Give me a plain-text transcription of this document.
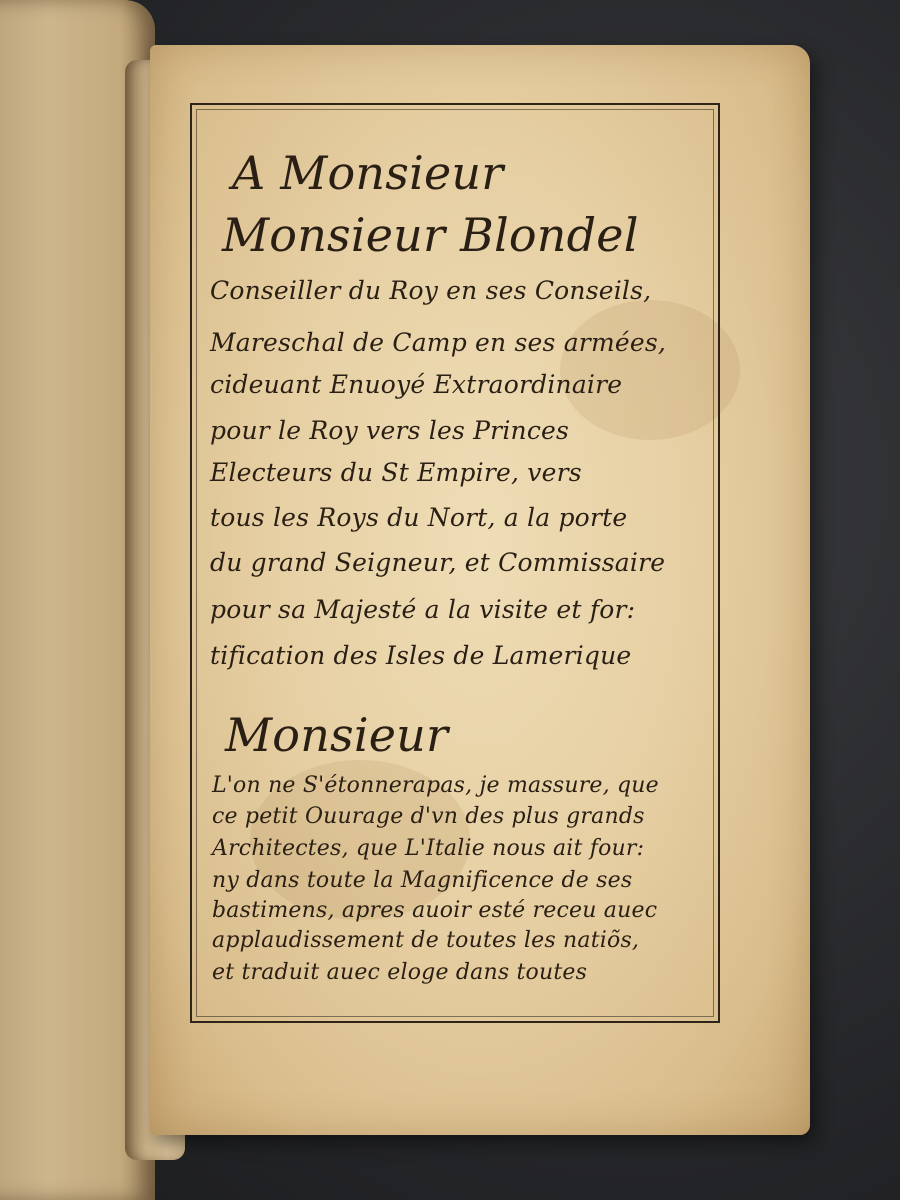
A Monsieur
Monsieur Blondel
Conseiller du Roy en ses Conseils,
Mareschal de Camp en ses armées,
cideuant Enuoyé Extraordinaire
pour le Roy vers les Princes
Electeurs du St Empire, vers
tous les Roys du Nort, a la porte
du grand Seigneur, et Commissaire
pour sa Majesté a la visite et for:
tification des Isles de Lamerique
Monsieur
L'on ne S'étonnerapas, je massure, que
ce petit Ouurage d'vn des plus grands
Architectes, que L'Italie nous ait four:
ny dans toute la Magnificence de ses
bastimens, apres auoir esté receu auec
applaudissement de toutes les natiõs,
et traduit auec eloge dans toutes
